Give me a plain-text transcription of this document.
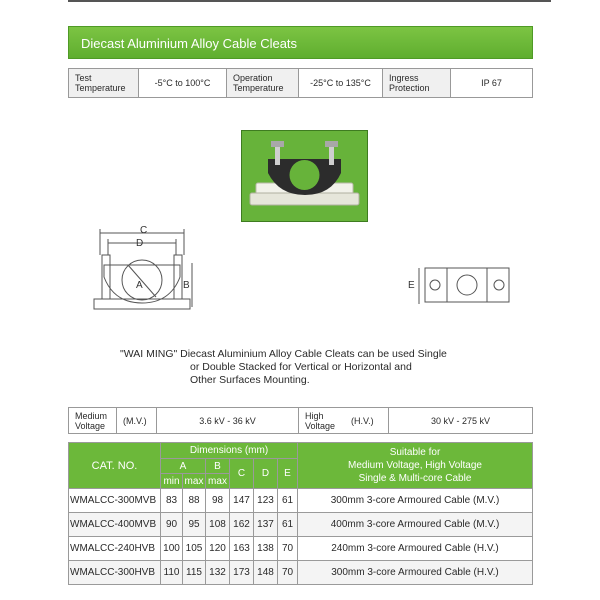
Diecast Aluminium Alloy Cable Cleats
Test Temperature	-5°C to 100°C	Operation Temperature	-25°C to 135°C	Ingress Protection	IP 67
C
D
A	B	E
"WAI MING" Diecast Aluminium Alloy Cable Cleats can be used Single
or Double Stacked for Vertical or Horizontal and
Other Surfaces Mounting.
Medium Voltage	(M.V.)	3.6 kV - 36 kV	High Voltage	(H.V.)	30 kV - 275 kV
CAT. NO.	Dimensions (mm)						Suitable for
Medium Voltage, High Voltage
Single & Multi-core Cable
	A		B	C	D	E	
	min	max	max				
WMALCC-300MVB	83	88	98	147	123	61	300mm 3-core Armoured Cable (M.V.)
WMALCC-400MVB	90	95	108	162	137	61	400mm 3-core Armoured Cable (M.V.)
WMALCC-240HVB	100	105	120	163	138	70	240mm 3-core Armoured Cable (H.V.)
WMALCC-300HVB	110	115	132	173	148	70	300mm 3-core Armoured Cable (H.V.)
